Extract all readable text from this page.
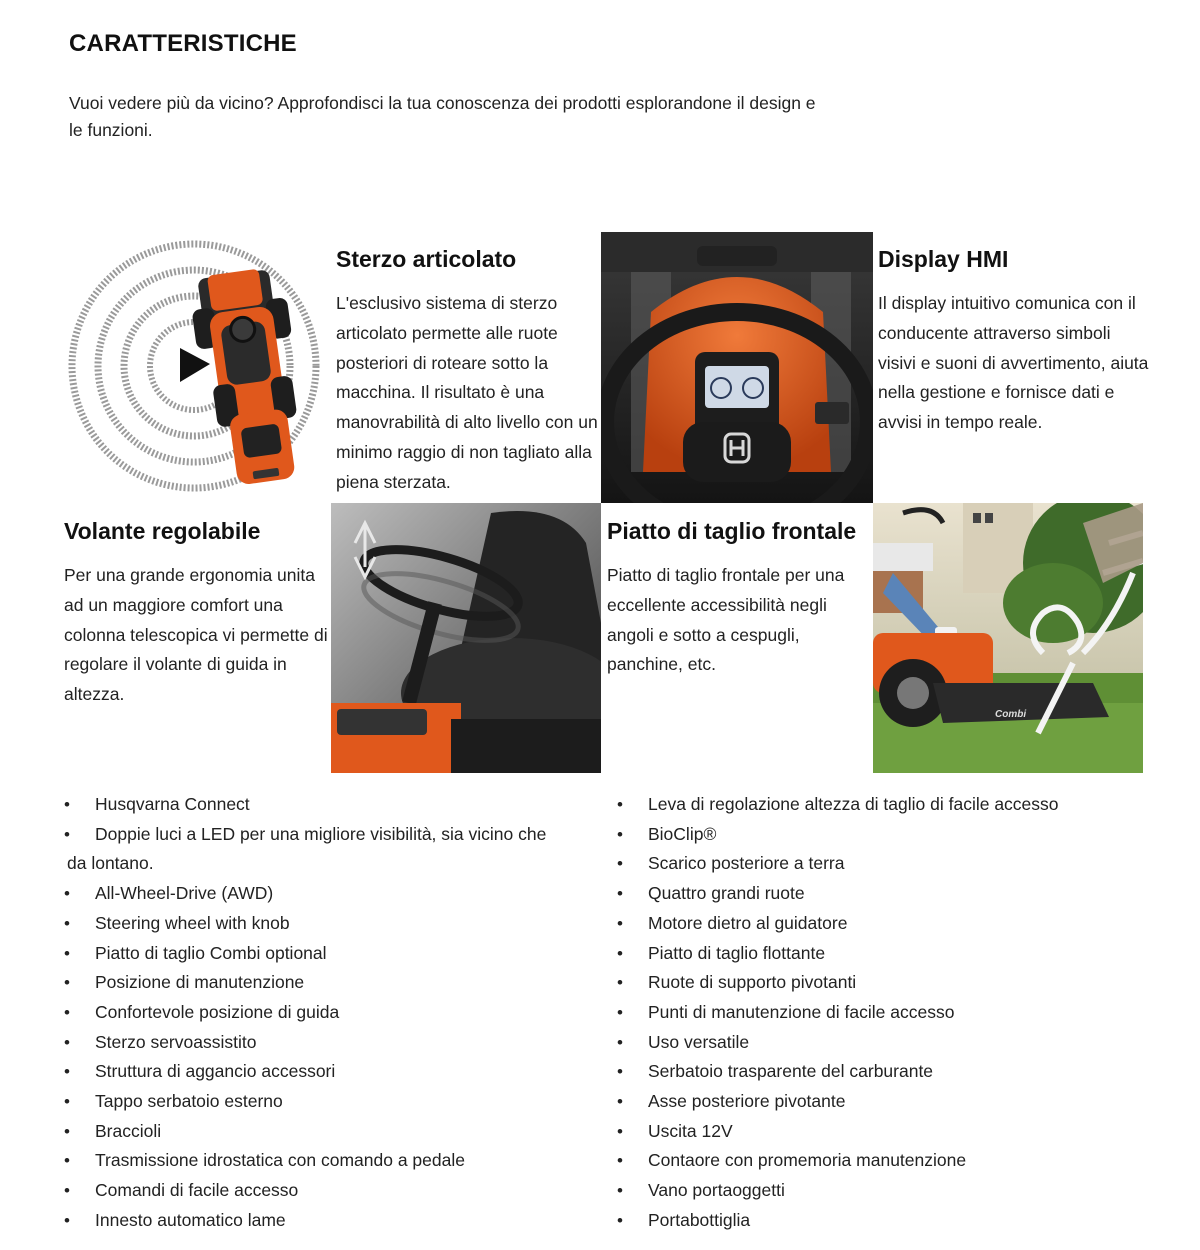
CARATTERISTICHE
Vuoi vedere più da vicino? Approfondisci la tua conoscenza dei prodotti esplorandone il design e le funzioni.
Sterzo articolato
L'esclusivo sistema di sterzo articolato permette alle ruote posteriori di roteare sotto la macchina. Il risultato è una manovrabilità di alto livello con un minimo raggio di non tagliato alla piena sterzata.
Display HMI
Il display intuitivo comunica con il conducente attraverso simboli visivi e suoni di avvertimento, aiuta nella gestione e fornisce dati e avvisi in tempo reale.
Volante regolabile
Per una grande ergonomia unita ad un maggiore comfort una colonna telescopica vi permette di regolare il volante di guida in altezza.
Piatto di taglio frontale
Piatto di taglio frontale per una eccellente accessibilità negli angoli e sotto a cespugli, panchine, etc.
Combi
• Husqvarna Connect
• Doppie luci a LED per una migliore visibilità, sia vicino che da lontano.
• All-Wheel-Drive (AWD)
• Steering wheel with knob
• Piatto di taglio Combi optional
• Posizione di manutenzione
• Confortevole posizione di guida
• Sterzo servoassistito
• Struttura di aggancio accessori
• Tappo serbatoio esterno
• Braccioli
• Trasmissione idrostatica con comando a pedale
• Comandi di facile accesso
• Innesto automatico lame
• Leva di regolazione altezza di taglio di facile accesso
• BioClip®
• Scarico posteriore a terra
• Quattro grandi ruote
• Motore dietro al guidatore
• Piatto di taglio flottante
• Ruote di supporto pivotanti
• Punti di manutenzione di facile accesso
• Uso versatile
• Serbatoio trasparente del carburante
• Asse posteriore pivotante
• Uscita 12V
• Contaore con promemoria manutenzione
• Vano portaoggetti
• Portabottiglia
